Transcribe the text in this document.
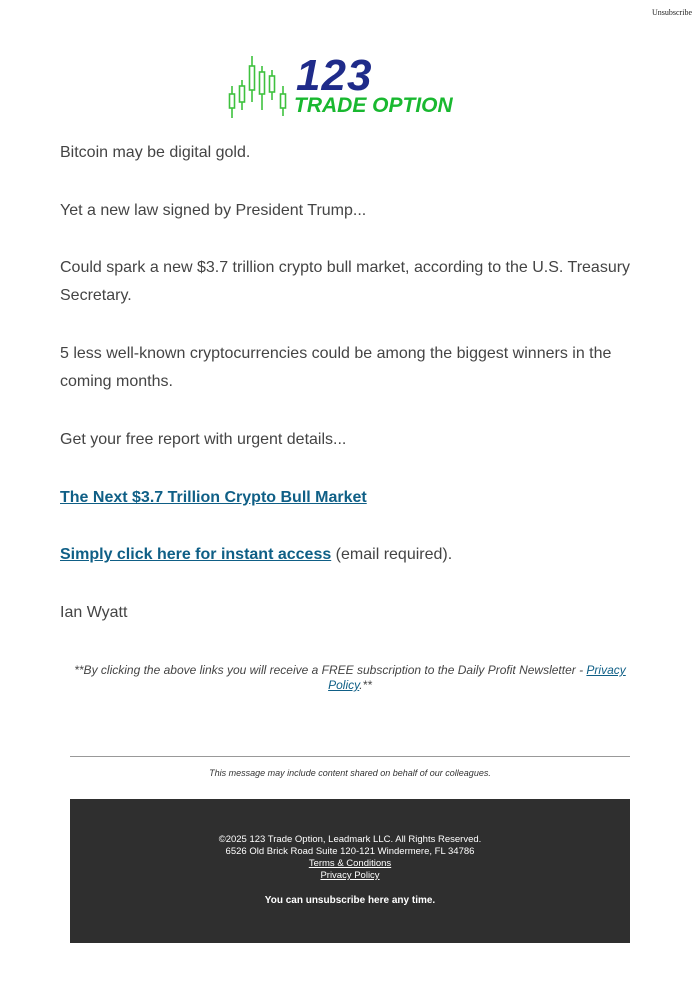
Unsubscribe
123
TRADE OPTION
Bitcoin may be digital gold.
Yet a new law signed by President Trump...
Could spark a new $3.7 trillion crypto bull market, according to the U.S. Treasury Secretary.
5 less well-known cryptocurrencies could be among the biggest winners in the coming months.
Get your free report with urgent details...
The Next $3.7 Trillion Crypto Bull Market
Simply click here for instant access (email required).
Ian Wyatt
**By clicking the above links you will receive a FREE subscription to the Daily Profit Newsletter - Privacy Policy.**
This message may include content shared on behalf of our colleagues.
©2025 123 Trade Option, Leadmark LLC. All Rights Reserved.
6526 Old Brick Road Suite 120-121 Windermere, FL 34786
Terms & Conditions
Privacy Policy
You can unsubscribe here any time.
